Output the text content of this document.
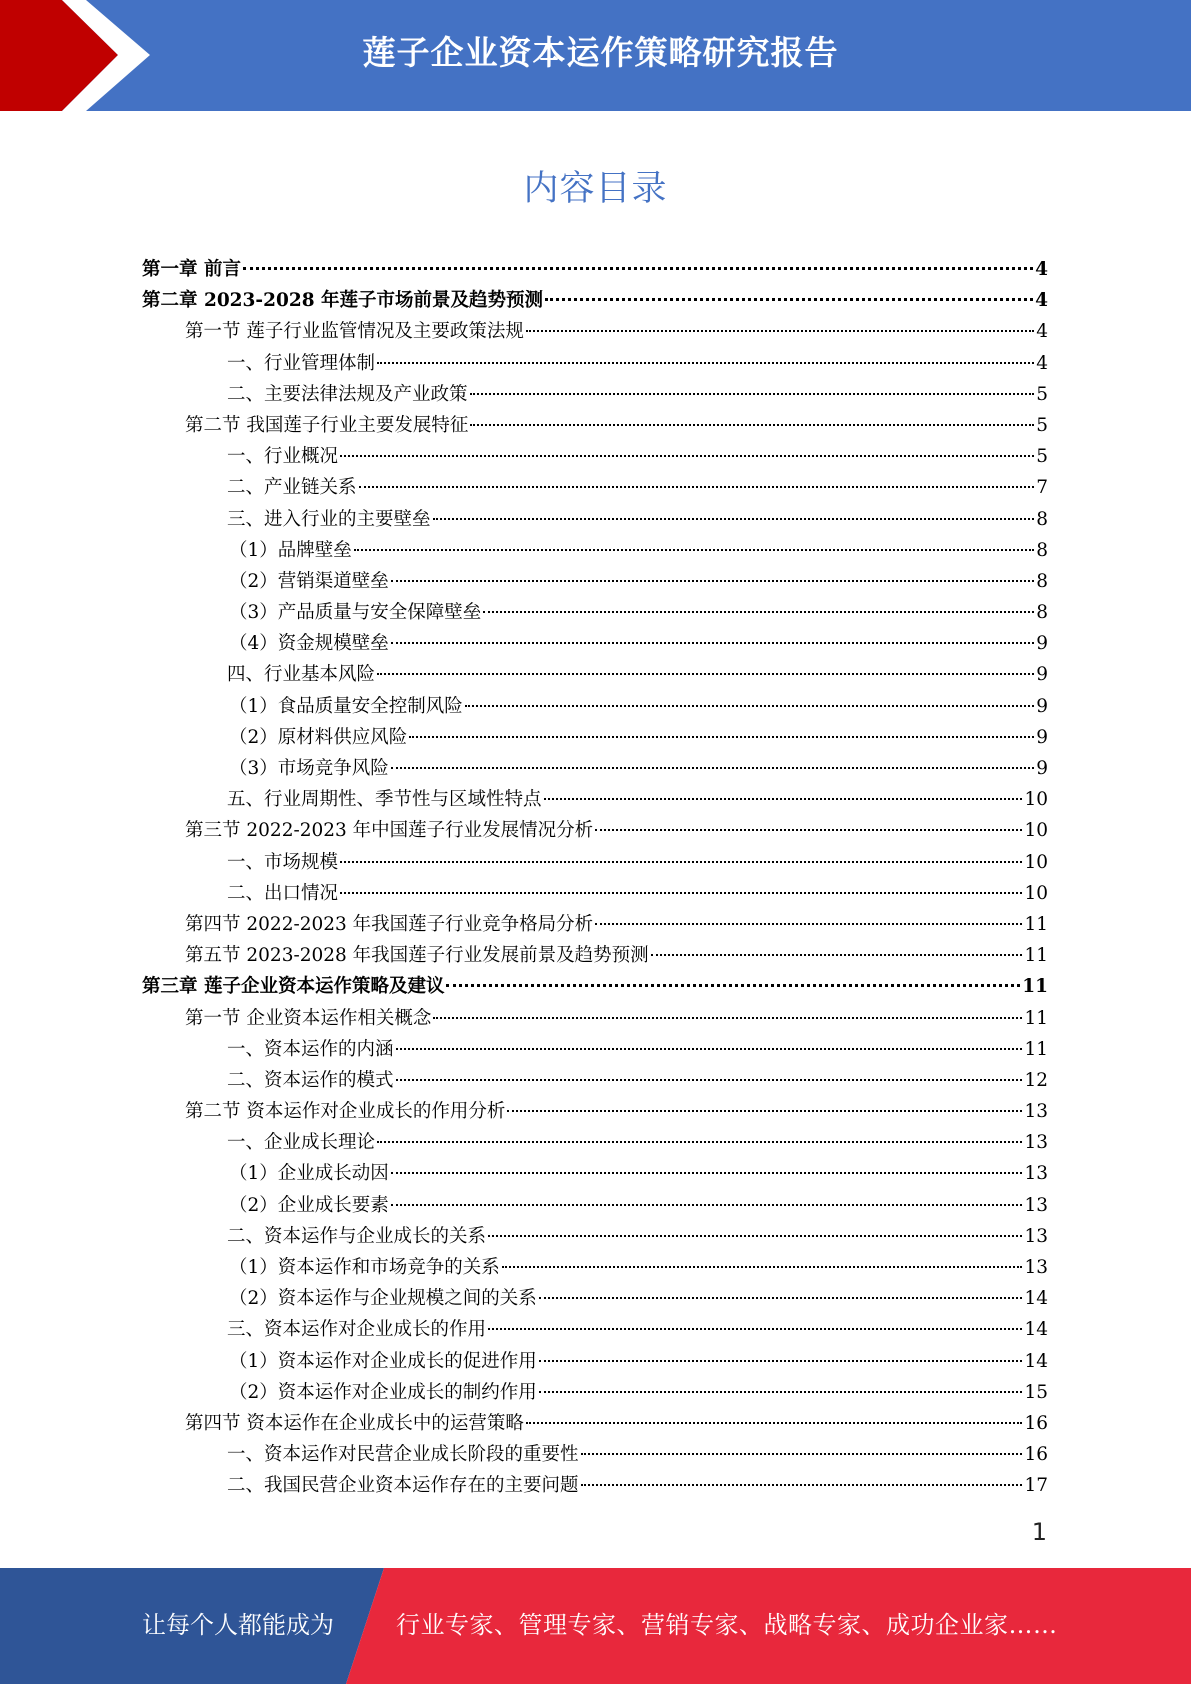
莲子企业资本运作策略研究报告
内容目录
第一章 前言	4
第二章 2023-2028 年莲子市场前景及趋势预测	4
第一节 莲子行业监管情况及主要政策法规	4
一、行业管理体制	4
二、主要法律法规及产业政策	5
第二节 我国莲子行业主要发展特征	5
一、行业概况	5
二、产业链关系	7
三、进入行业的主要壁垒	8
（1）品牌壁垒	8
（2）营销渠道壁垒	8
（3）产品质量与安全保障壁垒	8
（4）资金规模壁垒	9
四、行业基本风险	9
（1）食品质量安全控制风险	9
（2）原材料供应风险	9
（3）市场竞争风险	9
五、行业周期性、季节性与区域性特点	10
第三节 2022-2023 年中国莲子行业发展情况分析	10
一、市场规模	10
二、出口情况	10
第四节 2022-2023 年我国莲子行业竞争格局分析	11
第五节 2023-2028 年我国莲子行业发展前景及趋势预测	11
第三章 莲子企业资本运作策略及建议	11
第一节 企业资本运作相关概念	11
一、资本运作的内涵	11
二、资本运作的模式	12
第二节 资本运作对企业成长的作用分析	13
一、企业成长理论	13
（1）企业成长动因	13
（2）企业成长要素	13
二、资本运作与企业成长的关系	13
（1）资本运作和市场竞争的关系	13
（2）资本运作与企业规模之间的关系	14
三、资本运作对企业成长的作用	14
（1）资本运作对企业成长的促进作用	14
（2）资本运作对企业成长的制约作用	15
第四节 资本运作在企业成长中的运营策略	16
一、资本运作对民营企业成长阶段的重要性	16
二、我国民营企业资本运作存在的主要问题	17
1
让每个人都能成为	行业专家、管理专家、营销专家、战略专家、成功企业家……
